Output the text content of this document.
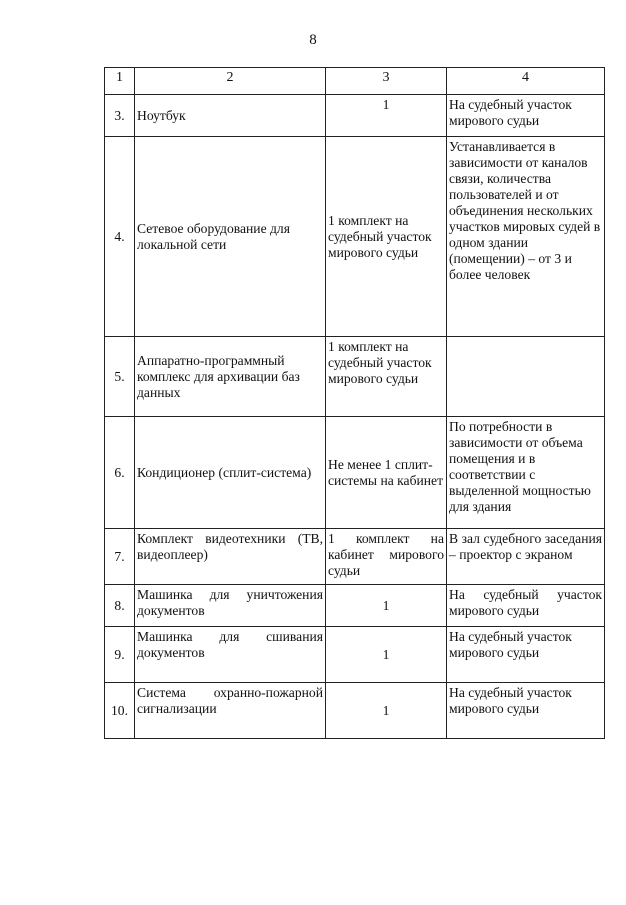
8
1	2	3	4
3.	Ноутбук	1	На судебный участок мирового судьи
4.	Сетевое оборудование для локальной сети	1 комплект на судебный участок мирового судьи	Устанавливается в зависимости от каналов связи, количества пользователей и от объединения нескольких участков мировых судей в одном здании (помещении) – от 3 и более человек
5.	Аппаратно-программный комплекс для архивации баз данных	1 комплект на судебный участок мирового судьи	
6.	Кондиционер (сплит-система)	Не менее 1 сплит-системы на кабинет	По потребности в зависимости от объема помещения и в соответствии с выделенной мощностью для здания
7.	Комплект видеотехники (ТВ, видеоплеер)	1 комплект на кабинет мирового судьи	В зал судебного заседания – проектор с экраном
8.	Машинка для уничтожения документов	1	На судебный участок мирового судьи
9.	Машинка для сшивания документов	1	На судебный участок мирового судьи
10.	Система охранно-пожарной сигнализации	1	На судебный участок мирового судьи
